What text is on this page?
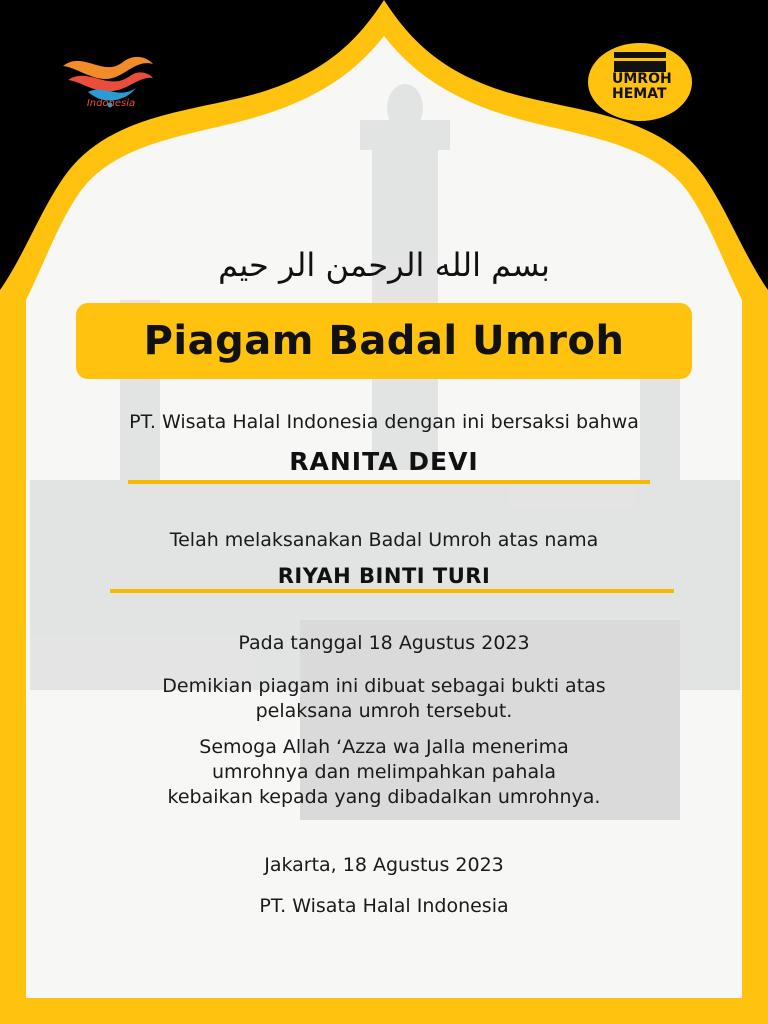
Indonesia
UMROH
HEMAT
بسم الله الرحمن الر حيم
Piagam Badal Umroh
PT. Wisata Halal Indonesia dengan ini bersaksi bahwa
RANITA DEVI
Telah melaksanakan Badal Umroh atas nama
RIYAH BINTI TURI
Pada tanggal 18 Agustus 2023
Demikian piagam ini dibuat sebagai bukti atas
pelaksana umroh tersebut.
Semoga Allah ‘Azza wa Jalla menerima
umrohnya dan melimpahkan pahala
kebaikan kepada yang dibadalkan umrohnya.
Jakarta, 18 Agustus 2023
PT. Wisata Halal Indonesia
